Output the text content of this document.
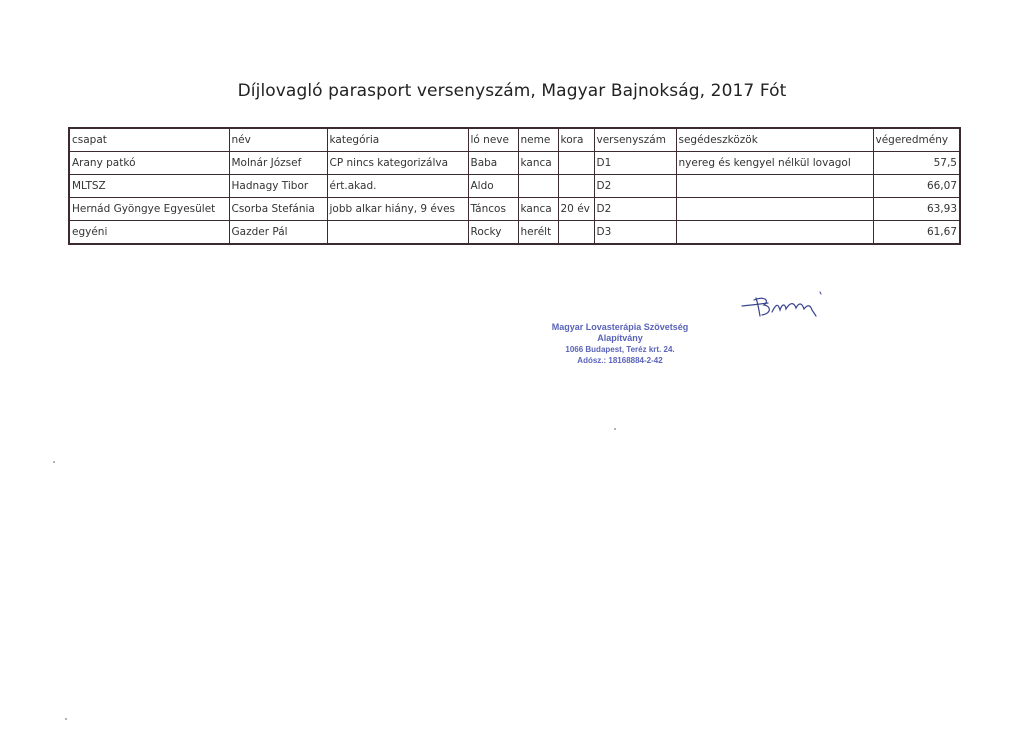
Díjlovagló parasport versenyszám, Magyar Bajnokság, 2017 Fót
csapat	név	kategória	ló neve	neme	kora	versenyszám	segédeszközök	végeredmény
Arany patkó	Molnár József	CP nincs kategorizálva	Baba	kanca		D1	nyereg és kengyel nélkül lovagol	57,5
MLTSZ	Hadnagy Tibor	ért.akad.	Aldo			D2		66,07
Hernád Gyöngye Egyesület	Csorba Stefánia	jobb alkar hiány, 9 éves	Táncos	kanca	20 év	D2		63,93
egyéni	Gazder Pál		Rocky	herélt		D3		61,67
Magyar Lovasterápia Szövetség
Alapítvány
1066 Budapest, Teréz krt. 24.
Adósz.: 18168884-2-42
